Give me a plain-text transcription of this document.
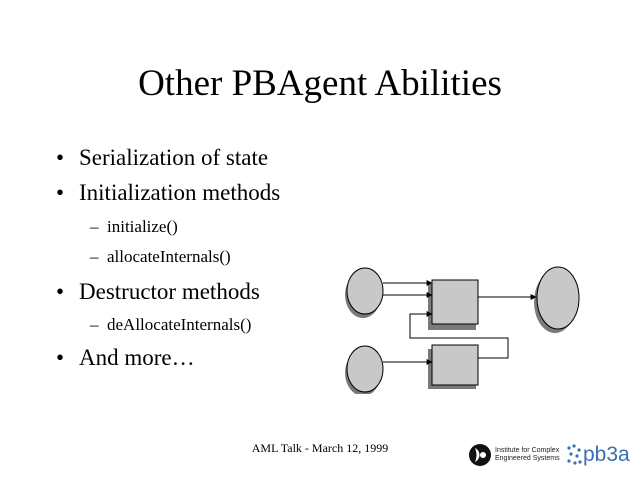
Other PBAgent Abilities
• Serialization of state
• Initialization methods
– initialize()
– allocateInternals()
• Destructor methods
– deAllocateInternals()
• And more…
AML Talk - March 12, 1999	Institute for Complex
Engineered Systems pb3a
